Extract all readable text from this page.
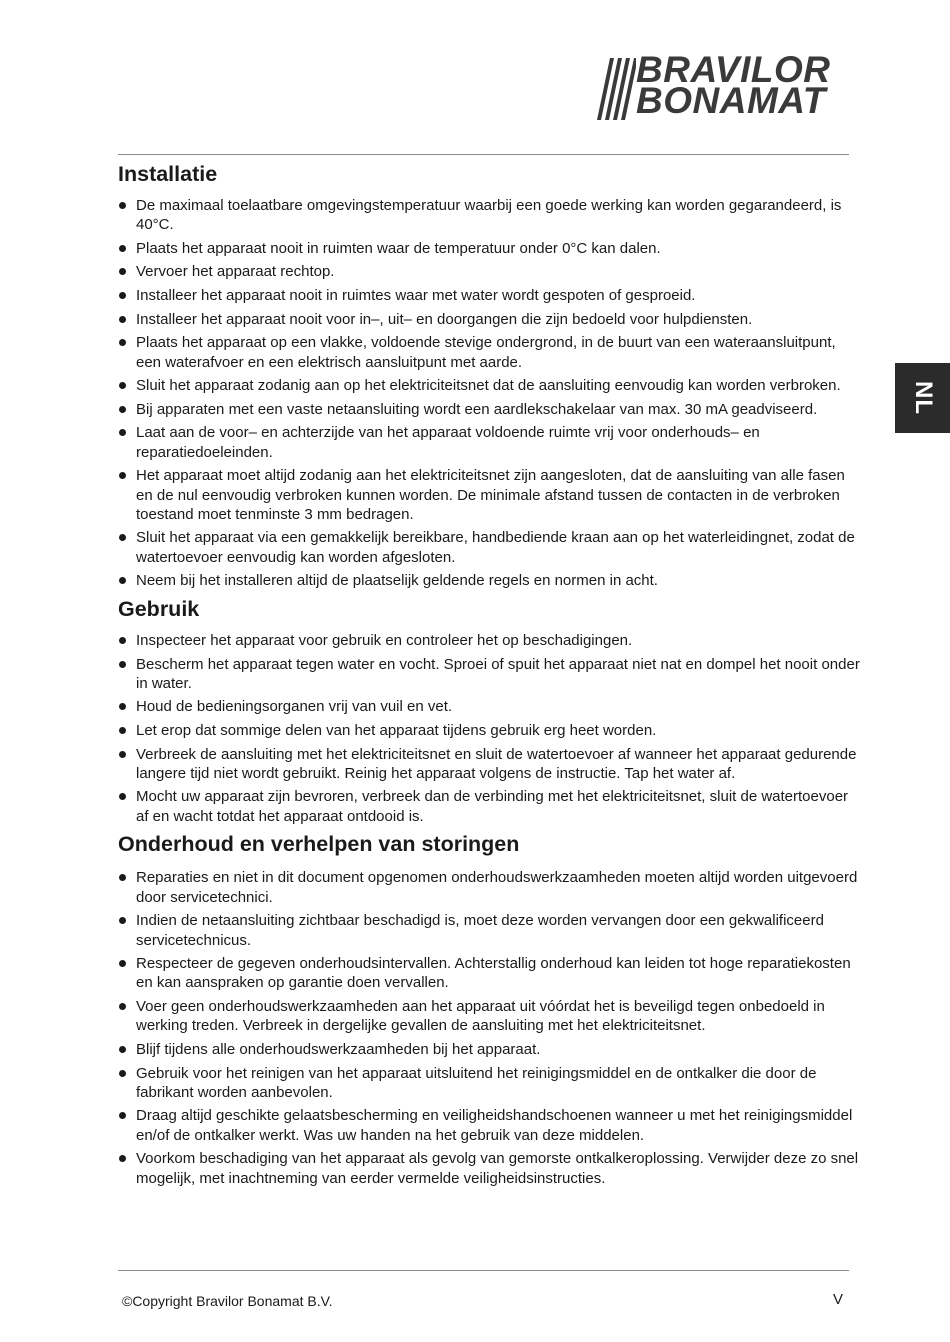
BRAVILOR
BONAMAT
NL
Installatie
De maximaal toelaatbare omgevingstemperatuur waarbij een goede werking kan worden gegarandeerd, is 40°C.
Plaats het apparaat nooit in ruimten waar de temperatuur onder 0°C kan dalen.
Vervoer het apparaat rechtop.
Installeer het apparaat nooit in ruimtes waar met water wordt gespoten of gesproeid.
Installeer het apparaat nooit voor in–, uit– en doorgangen die zijn bedoeld voor hulpdiensten.
Plaats het apparaat op een vlakke, voldoende stevige ondergrond, in de buurt van een wateraansluitpunt, een waterafvoer en een elektrisch aansluitpunt met aarde.
Sluit het apparaat zodanig aan op het elektriciteitsnet dat de aansluiting eenvoudig kan worden verbroken.
Bij apparaten met een vaste netaansluiting wordt een aardlekschakelaar van max. 30 mA geadviseerd.
Laat aan de voor– en achterzijde van het apparaat voldoende ruimte vrij voor onderhouds– en reparatiedoeleinden.
Het apparaat moet altijd zodanig aan het elektriciteitsnet zijn aangesloten, dat de aansluiting van alle fasen en de nul eenvoudig verbroken kunnen worden. De minimale afstand tussen de contacten in de verbroken toestand moet tenminste 3 mm bedragen.
Sluit het apparaat via een gemakkelijk bereikbare, handbediende kraan aan op het waterleidingnet, zodat de watertoevoer eenvoudig kan worden afgesloten.
Neem bij het installeren altijd de plaatselijk geldende regels en normen in acht.
Gebruik
Inspecteer het apparaat voor gebruik en controleer het op beschadigingen.
Bescherm het apparaat tegen water en vocht. Sproei of spuit het apparaat niet nat en dompel het nooit onder in water.
Houd de bedieningsorganen vrij van vuil en vet.
Let erop dat sommige delen van het apparaat tijdens gebruik erg heet worden.
Verbreek de aansluiting met het elektriciteitsnet en sluit de watertoevoer af wanneer het apparaat gedurende langere tijd niet wordt gebruikt. Reinig het apparaat volgens de instructie. Tap het water af.
Mocht uw apparaat zijn bevroren, verbreek dan de verbinding met het elektriciteitsnet, sluit de watertoevoer af en wacht totdat het apparaat ontdooid is.
Onderhoud en verhelpen van storingen
Reparaties en niet in dit document opgenomen onderhoudswerkzaamheden moeten altijd worden uitgevoerd door servicetechnici.
Indien de netaansluiting zichtbaar beschadigd is, moet deze worden vervangen door een gekwalificeerd servicetechnicus.
Respecteer de gegeven onderhoudsintervallen. Achterstallig onderhoud kan leiden tot hoge reparatiekosten en kan aanspraken op garantie doen vervallen.
Voer geen onderhoudswerkzaamheden aan het apparaat uit vóórdat het is beveiligd tegen onbedoeld in werking treden. Verbreek in dergelijke gevallen de aansluiting met het elektriciteitsnet.
Blijf tijdens alle onderhoudswerkzaamheden bij het apparaat.
Gebruik voor het reinigen van het apparaat uitsluitend het reinigingsmiddel en de ontkalker die door de fabrikant worden aanbevolen.
Draag altijd geschikte gelaatsbescherming en veiligheidshandschoenen wanneer u met het reinigingsmiddel en/of de ontkalker werkt. Was uw handen na het gebruik van deze middelen.
Voorkom beschadiging van het apparaat als gevolg van gemorste ontkalkeroplossing. Verwijder deze zo snel mogelijk, met inachtneming van eerder vermelde veiligheidsinstructies.
©Copyright Bravilor Bonamat B.V.	V
